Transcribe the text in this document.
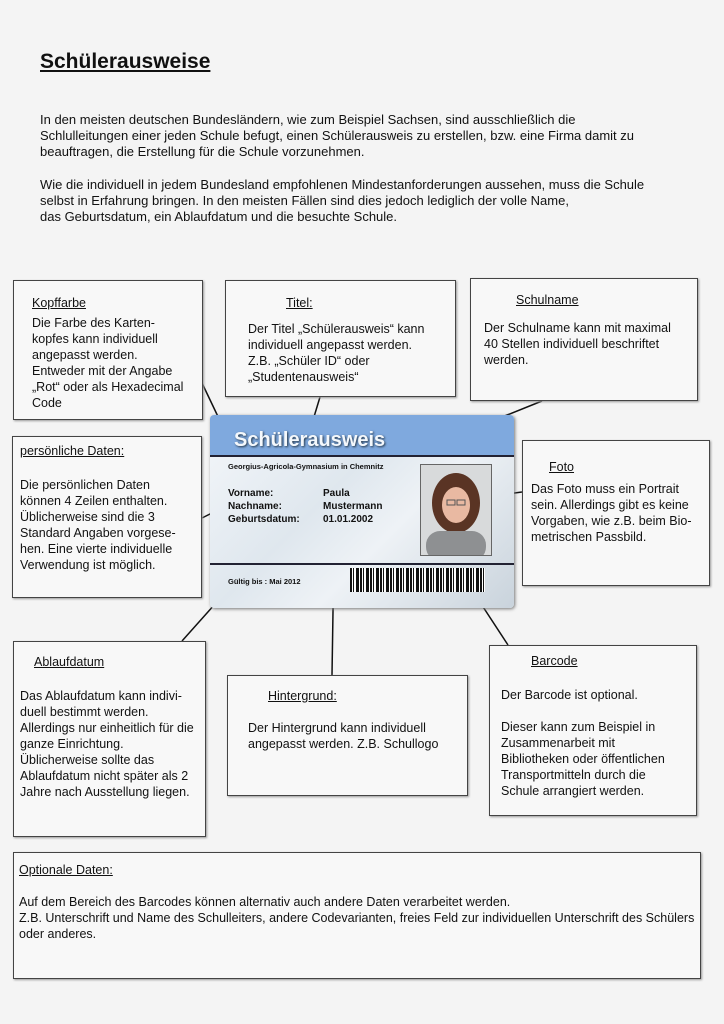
Schülerausweise
In den meisten deutschen Bundesländern, wie zum Beispiel Sachsen, sind ausschließlich die
Schlulleitungen einer jeden Schule befugt, einen Schülerausweis zu erstellen, bzw. eine Firma damit zu
beauftragen, die Erstellung für die Schule vorzunehmen.
Wie die individuell in jedem Bundesland empfohlenen Mindestanforderungen aussehen, muss die Schule
selbst in Erfahrung bringen. In den meisten Fällen sind dies jedoch lediglich der volle Name,
das Geburtsdatum, ein Ablaufdatum und die besuchte Schule.
Kopffarbe

Die Farbe des Karten-kopfes kann individuell angepasst werden. Entweder mit der Angabe „Rot“ oder als Hexadecimal Code

Titel:

Der Titel „Schülerausweis“ kann individuell angepasst werden. Z.B. „Schüler ID“ oder „Studentenausweis“

Schulname

Der Schulname kann mit maximal 40 Stellen individuell beschriftet werden.

persönliche Daten:

Die persönlichen Daten können 4 Zeilen enthalten. Üblicherweise sind die 3 Standard Angaben vorgese-hen. Eine vierte individuelle Verwendung ist möglich.

Foto

Das Foto muss ein Portrait sein. Allerdings gibt es keine Vorgaben, wie z.B. beim Bio-metrischen Passbild.

Ablaufdatum

Das Ablaufdatum kann indivi-duell bestimmt werden. Allerdings nur einheitlich für die ganze Einrichtung. Üblicherweise sollte das Ablaufdatum nicht später als 2 Jahre nach Ausstellung liegen.

Hintergrund:

Der Hintergrund kann individuell angepasst werden. Z.B. Schullogo

Barcode

Der Barcode ist optional.

Dieser kann zum Beispiel in Zusammenarbeit mit Bibliotheken oder öffentlichen Transportmitteln durch die Schule arrangiert werden.

Optionale Daten:

Auf dem Bereich des Barcodes können alternativ auch andere Daten verarbeitet werden.

Z.B. Unterschrift und Name des Schulleiters, andere Codevarianten, freies Feld zur individuellen Unterschrift des Schülers oder anderes.

Schülerausweis
Georgius-Agricola-Gymnasium in Chemnitz
Vorname:	Paula
Nachname:	Mustermann
Geburtsdatum: 01.01.2002
Gültig bis : Mai 2012
